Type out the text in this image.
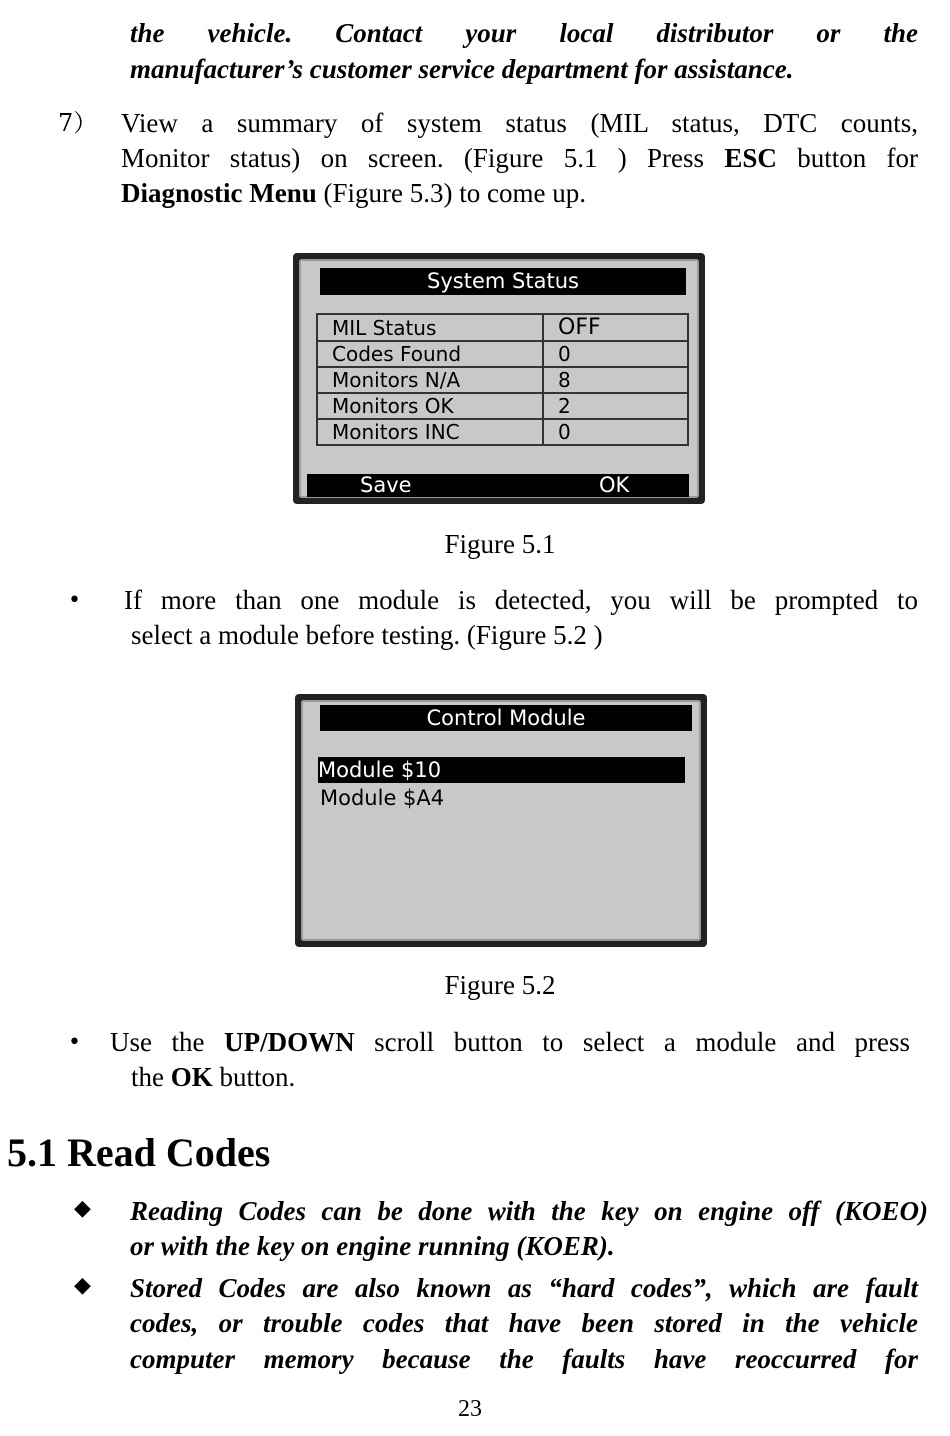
the vehicle. Contact your local distributor or the
manufacturer’s customer service department for assistance.
7） View a summary of system status (MIL status, DTC counts,
Monitor status) on screen. (Figure 5.1 ) Press ESC button for
Diagnostic Menu (Figure 5.3) to come up.
System Status
MIL Status	OFF
Codes Found	0
Monitors N/A	8
Monitors OK	2
Monitors INC	0
Save	OK
Figure 5.1
• If more than one module is detected, you will be prompted to
select a module before testing. (Figure 5.2 )
Control Module
Module $10
Module $A4
Figure 5.2
• Use the UP/DOWN scroll button to select a module and press
the OK button.
5.1 Read Codes
◆ Reading Codes can be done with the key on engine off (KOEO)
or with the key on engine running (KOER).
◆ Stored Codes are also known as “hard codes”, which are fault
codes, or trouble codes that have been stored in the vehicle
computer memory because the faults have reoccurred for
23
